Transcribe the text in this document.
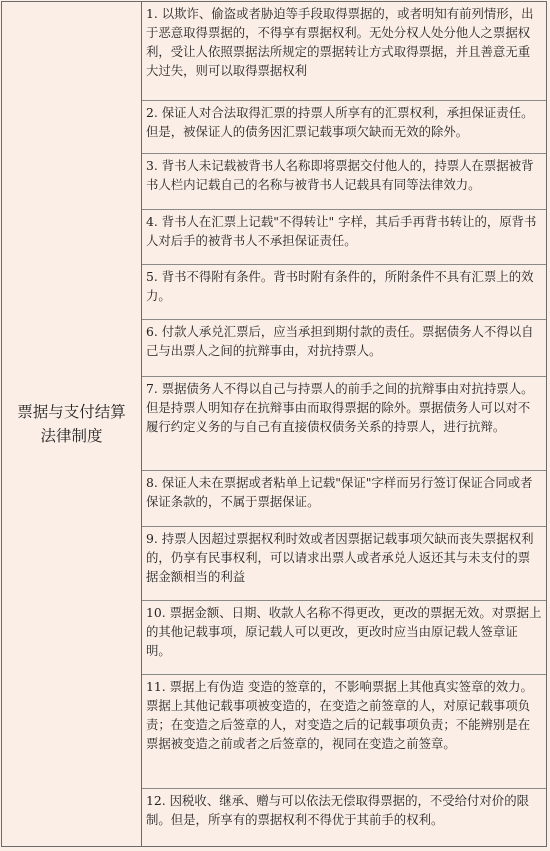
票据与支付结算法律制度
1. 以欺诈、偷盗或者胁迫等手段取得票据的，或者明知有前列情形，出于恶意取得票据的，不得享有票据权利。无处分权人处分他人之票据权利，受让人依照票据法所规定的票据转让方式取得票据，并且善意无重大过失，则可以取得票据权利
2. 保证人对合法取得汇票的持票人所享有的汇票权利，承担保证责任。但是，被保证人的债务因汇票记载事项欠缺而无效的除外。
3. 背书人未记载被背书人名称即将票据交付他人的，持票人在票据被背书人栏内记载自己的名称与被背书人记载具有同等法律效力。
4. 背书人在汇票上记载"不得转让" 字样，其后手再背书转让的，原背书人对后手的被背书人不承担保证责任。
5. 背书不得附有条件。背书时附有条件的，所附条件不具有汇票上的效力。
6. 付款人承兑汇票后，应当承担到期付款的责任。票据债务人不得以自己与出票人之间的抗辩事由，对抗持票人。
7. 票据债务人不得以自己与持票人的前手之间的抗辩事由对抗持票人。但是持票人明知存在抗辩事由而取得票据的除外。票据债务人可以对不履行约定义务的与自己有直接债权债务关系的持票人，进行抗辩。
8. 保证人未在票据或者粘单上记载"保证"字样而另行签订保证合同或者保证条款的，不属于票据保证。
9. 持票人因超过票据权利时效或者因票据记载事项欠缺而丧失票据权利的，仍享有民事权利，可以请求出票人或者承兑人返还其与未支付的票据金额相当的利益
10. 票据金额、日期、收款人名称不得更改，更改的票据无效。对票据上的其他记载事项，原记载人可以更改，更改时应当由原记载人签章证明。
11. 票据上有伪造 变造的签章的，不影响票据上其他真实签章的效力。票据上其他记载事项被变造的，在变造之前签章的人，对原记载事项负责；在变造之后签章的人，对变造之后的记载事项负责；不能辨别是在票据被变造之前或者之后签章的，视同在变造之前签章。
12. 因税收、继承、赠与可以依法无偿取得票据的，不受给付对价的限制。但是，所享有的票据权利不得优于其前手的权利。
